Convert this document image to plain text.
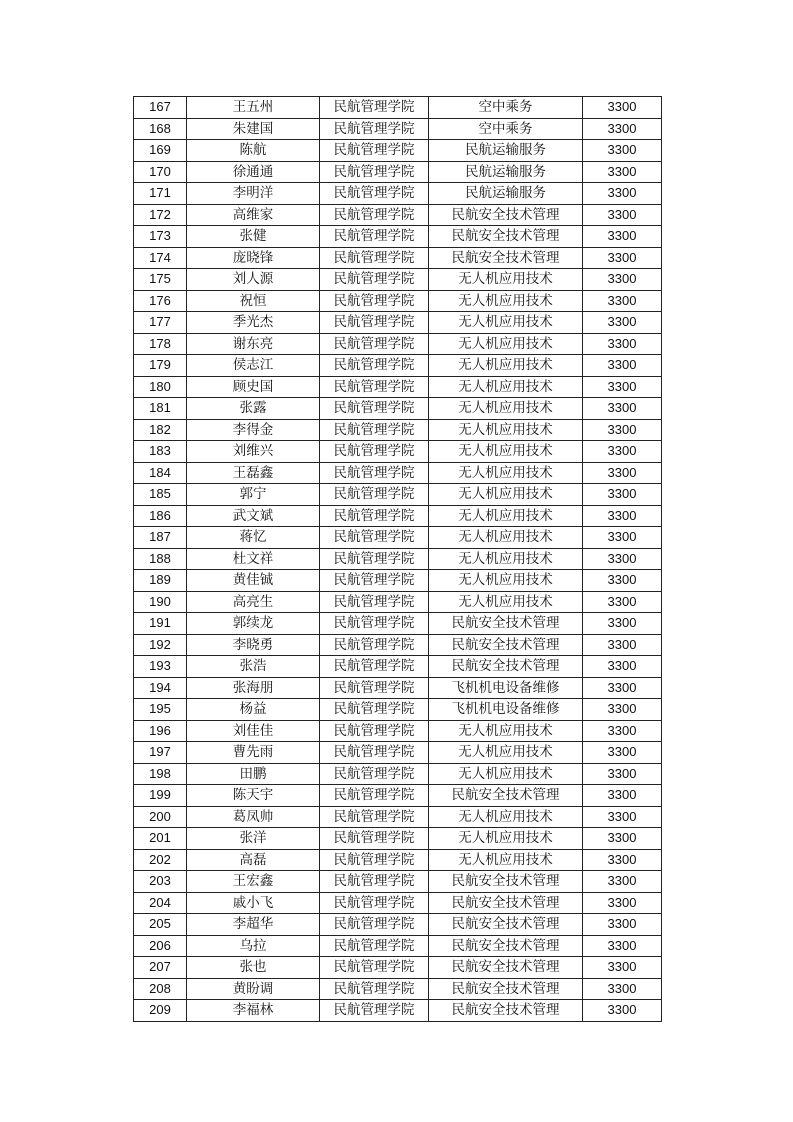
167	王五州	民航管理学院	空中乘务	3300
168	朱建国	民航管理学院	空中乘务	3300
169	陈航	民航管理学院	民航运输服务	3300
170	徐通通	民航管理学院	民航运输服务	3300
171	李明洋	民航管理学院	民航运输服务	3300
172	高维家	民航管理学院	民航安全技术管理	3300
173	张健	民航管理学院	民航安全技术管理	3300
174	庞晓锋	民航管理学院	民航安全技术管理	3300
175	刘人源	民航管理学院	无人机应用技术	3300
176	祝恒	民航管理学院	无人机应用技术	3300
177	季光杰	民航管理学院	无人机应用技术	3300
178	谢东亮	民航管理学院	无人机应用技术	3300
179	侯志江	民航管理学院	无人机应用技术	3300
180	顾史国	民航管理学院	无人机应用技术	3300
181	张露	民航管理学院	无人机应用技术	3300
182	李得金	民航管理学院	无人机应用技术	3300
183	刘维兴	民航管理学院	无人机应用技术	3300
184	王磊鑫	民航管理学院	无人机应用技术	3300
185	郭宁	民航管理学院	无人机应用技术	3300
186	武文斌	民航管理学院	无人机应用技术	3300
187	蒋忆	民航管理学院	无人机应用技术	3300
188	杜文祥	民航管理学院	无人机应用技术	3300
189	黄佳铖	民航管理学院	无人机应用技术	3300
190	高亮生	民航管理学院	无人机应用技术	3300
191	郭续龙	民航管理学院	民航安全技术管理	3300
192	李晓勇	民航管理学院	民航安全技术管理	3300
193	张浩	民航管理学院	民航安全技术管理	3300
194	张海朋	民航管理学院	飞机机电设备维修	3300
195	杨益	民航管理学院	飞机机电设备维修	3300
196	刘佳佳	民航管理学院	无人机应用技术	3300
197	曹先雨	民航管理学院	无人机应用技术	3300
198	田鹏	民航管理学院	无人机应用技术	3300
199	陈天宇	民航管理学院	民航安全技术管理	3300
200	葛凤帅	民航管理学院	无人机应用技术	3300
201	张洋	民航管理学院	无人机应用技术	3300
202	高磊	民航管理学院	无人机应用技术	3300
203	王宏鑫	民航管理学院	民航安全技术管理	3300
204	戚小飞	民航管理学院	民航安全技术管理	3300
205	李超华	民航管理学院	民航安全技术管理	3300
206	乌拉	民航管理学院	民航安全技术管理	3300
207	张也	民航管理学院	民航安全技术管理	3300
208	黄盼调	民航管理学院	民航安全技术管理	3300
209	李福林	民航管理学院	民航安全技术管理	3300
